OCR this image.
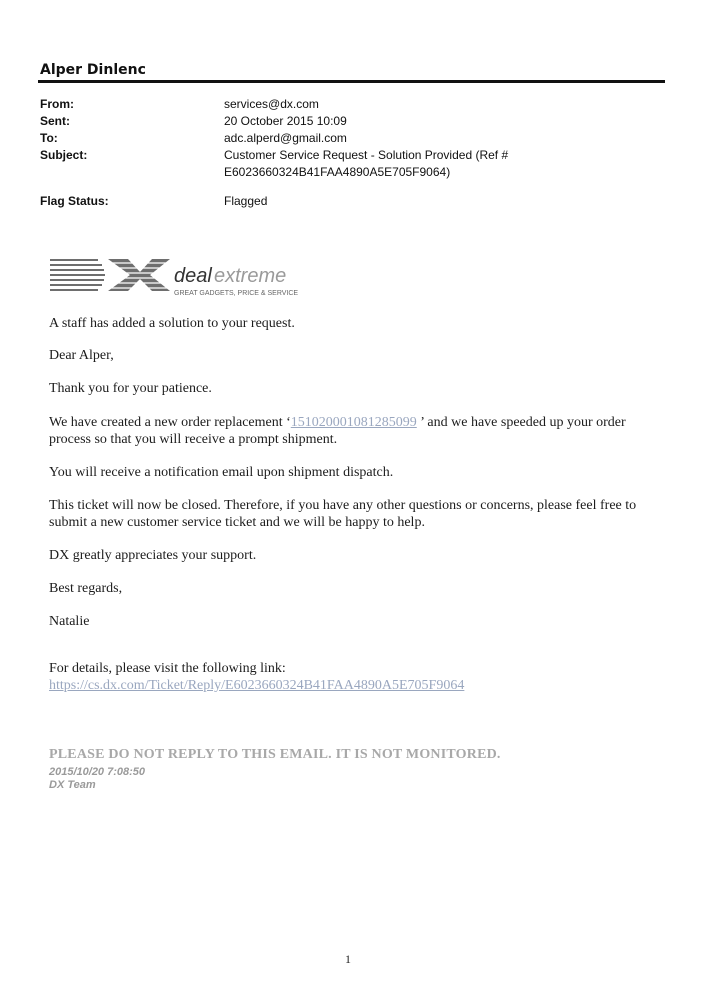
Alper Dinlenc
From:	services@dx.com
Sent:	20 October 2015 10:09
To:	adc.alperd@gmail.com
Subject:	Customer Service Request - Solution Provided (Ref #
E6023660324B41FAA4890A5E705F9064)
Flag Status:	Flagged
deal extreme
GREAT GADGETS, PRICE & SERVICE
A staff has added a solution to your request.
Dear Alper,
Thank you for your patience.
We have created a new order replacement ‘151020001081285099 ’ and we have speeded up your order
process so that you will receive a prompt shipment.
You will receive a notification email upon shipment dispatch.
This ticket will now be closed. Therefore, if you have any other questions or concerns, please feel free to
submit a new customer service ticket and we will be happy to help.
DX greatly appreciates your support.
Best regards,
Natalie
For details, please visit the following link:
https://cs.dx.com/Ticket/Reply/E6023660324B41FAA4890A5E705F9064
PLEASE DO NOT REPLY TO THIS EMAIL. IT IS NOT MONITORED.
2015/10/20 7:08:50
DX Team
1
